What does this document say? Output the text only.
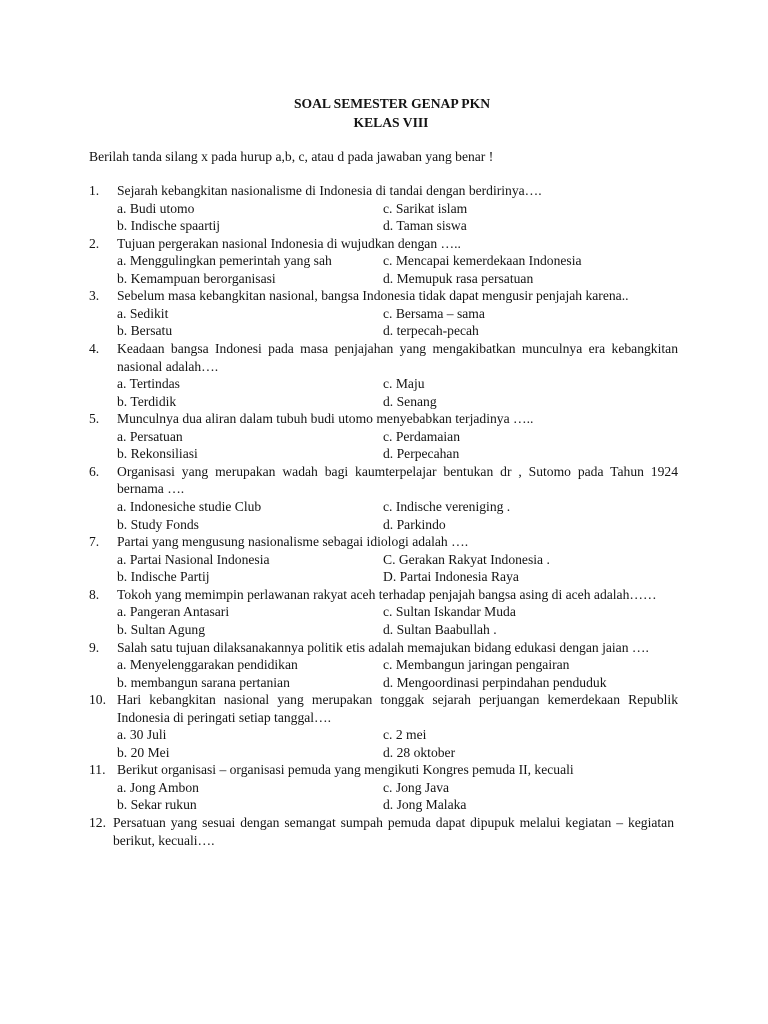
SOAL SEMESTER GENAP PKN
KELAS VIII
Berilah tanda silang x pada hurup a,b, c, atau d pada jawaban yang benar !
1. Sejarah kebangkitan nasionalisme di Indonesia di tandai dengan berdirinya….
a. Budi utomo	c. Sarikat islam
b. Indische spaartij	d. Taman siswa
2. Tujuan pergerakan nasional Indonesia di wujudkan dengan …..
a. Menggulingkan pemerintah yang sah	c. Mencapai kemerdekaan Indonesia
b. Kemampuan berorganisasi	d. Memupuk rasa persatuan
3. Sebelum masa kebangkitan nasional, bangsa Indonesia tidak dapat mengusir penjajah karena..
a. Sedikit	c. Bersama – sama
b. Bersatu	d. terpecah-pecah
4. Keadaan bangsa Indonesi pada masa penjajahan yang mengakibatkan munculnya era kebangkitan nasional adalah….
a. Tertindas	c. Maju
b. Terdidik	d. Senang
5. Munculnya dua aliran dalam tubuh budi utomo menyebabkan terjadinya …..
a. Persatuan	c. Perdamaian
b. Rekonsiliasi	d. Perpecahan
6. Organisasi yang merupakan wadah bagi kaumterpelajar bentukan dr , Sutomo pada Tahun 1924 bernama ….
a. Indonesiche studie Club	c. Indische vereniging .
b. Study Fonds	d. Parkindo
7. Partai yang mengusung nasionalisme sebagai idiologi adalah ….
a. Partai Nasional Indonesia	C. Gerakan Rakyat Indonesia .
b. Indische Partij	D. Partai Indonesia Raya
8. Tokoh yang memimpin perlawanan rakyat aceh terhadap penjajah bangsa asing di aceh adalah……
a. Pangeran Antasari	c. Sultan Iskandar Muda
b. Sultan Agung	d. Sultan Baabullah .
9. Salah satu tujuan dilaksanakannya politik etis adalah memajukan bidang edukasi dengan jaian ….
a. Menyelenggarakan pendidikan	c. Membangun jaringan pengairan
b. membangun sarana pertanian	d. Mengoordinasi perpindahan penduduk
10. Hari kebangkitan nasional yang merupakan tonggak sejarah perjuangan kemerdekaan Republik Indonesia di peringati setiap tanggal….
a. 30 Juli	c. 2 mei
b. 20 Mei	d. 28 oktober
11. Berikut organisasi – organisasi pemuda yang mengikuti Kongres pemuda II, kecuali
a. Jong Ambon	c. Jong Java
b. Sekar rukun	d. Jong Malaka
12. Persatuan yang sesuai dengan semangat sumpah pemuda dapat dipupuk melalui kegiatan – kegiatan berikut, kecuali….
